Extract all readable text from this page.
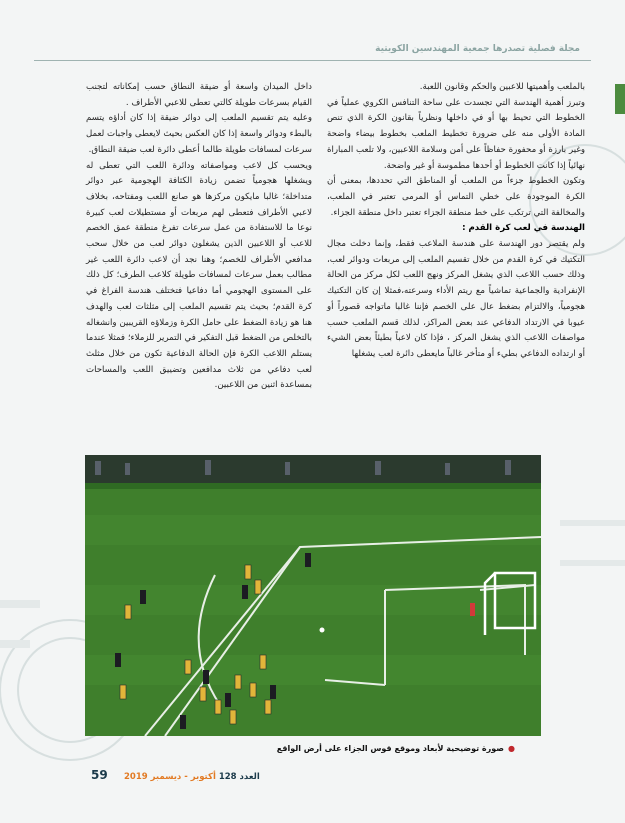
مجلة فصلية تصدرها جمعية المهندسين الكويتية

بالملعب وأهميتها للاعبين والحكم وقانون اللعبة.

وتبرز أهمية الهندسة التي تجسدت على ساحة التنافس الكروي عملياً في الخطوط التي تحيط بها أو في داخلها ونظرياً بقانون الكرة الذي تنص المادة الأولى منه على ضرورة تخطيط الملعب بخطوط بيضاء واضحة وغير بارزة أو محفورة حفاظاً على أمن وسلامة اللاعبين، ولا تلعب المباراة نهائياً إذا كانت الخطوط أو أحدها مطموسة أو غير واضحة.

وتكون الخطوط جزءاً من الملعب أو المناطق التي تحددها، بمعنى أن الكرة الموجودة على خطي التماس أو المرمى تعتبر في الملعب، والمخالفة التي ترتكب على خط منطقة الجزاء تعتبر داخل منطقة الجزاء.

الهندسة في لعب كرة القدم :

ولم يقتصر دور الهندسة على هندسة الملاعب فقط، وإنما دخلت مجال التكتيك في كرة القدم من خلال تقسيم الملعب إلى مربعات ودوائر لعب، وذلك حسب اللاعب الذي يشغل المركز ونهج اللعب لكل مركز من الحالة الإنفرادية والجماعية تماشياً مع ريتم الأداء وسرعته،فمثلا إن كان التكتيك هجومياً، والالتزام بضغط عال على الخصم فإننا غالبا ماتواجه قصوراً أو عيوبا في الارتداد الدفاعي عند بعض المراكز، لذلك قسم الملعب حسب مواصفات اللاعب الذي يشغل المركز ، فإذا كان لاعباً بطيئاً بعض الشيء أو ارتداده الدفاعي بطيء أو متأخر غالباً مايعطى دائرة لعب يشغلها

داخل الميدان واسعة أو ضيقة النطاق حسب إمكاناته لتجنب القيام بسرعات طويلة كالتي تعطى للاعبي الأطراف .

وعليه يتم تقسيم الملعب إلى دوائر ضيقة إذا كان أداؤه يتسم بالبطء ودوائر واسعة إذا كان العكس بحيث لايعطى واجبات لعمل سرعات لمسافات طويلة طالما أعطى دائرة لعب ضيقة النطاق.

ويحسب كل لاعب ومواصفاته ودائرة اللعب التي تعطى له ويشغلها هجومياً تضمن زيادة الكثافة الهجومية عبر دوائر متداخلة؛ غالبا مايكون مركزها هو صانع اللعب ومفتاحه، بخلاف لاعبي الأطراف فتعطى لهم مربعات أو مستطيلات لعب كبيرة نوعا ما للاستفادة من عمل سرعات تفرغ منطقة عمق الخصم للاعب أو اللاعبين الذين يشغلون دوائر لعب من خلال سحب مدافعي الأطراف للخصم؛ وهنا نجد أن لاعب دائرة اللعب غير مطالب بعمل سرعات لمسافات طويلة كلاعب الطرف؛ كل ذلك على المستوى الهجومي أما دفاعيا فتختلف هندسة الفراغ في كرة القدم؛ بحيث يتم تقسيم الملعب إلى مثلثات لعب والهدف هنا هو زيادة الضغط على حامل الكرة وزملاؤه القريبين وانشغاله بالتخلص من الضغط قبل التفكير في التمرير للزملاء؛ فمثلا عندما يستلم اللاعب الكرة فإن الحالة الدفاعية تكون من خلال مثلث لعب دفاعي من ثلاث مدافعين وتضييق اللعب والمساحات بمساعدة اثنين من اللاعبين.

●صورة توضيحية لأبعاد وموقع قوس الجزاء على أرض الواقع
59	العدد 128 أكتوبر - ديسمبر 2019
